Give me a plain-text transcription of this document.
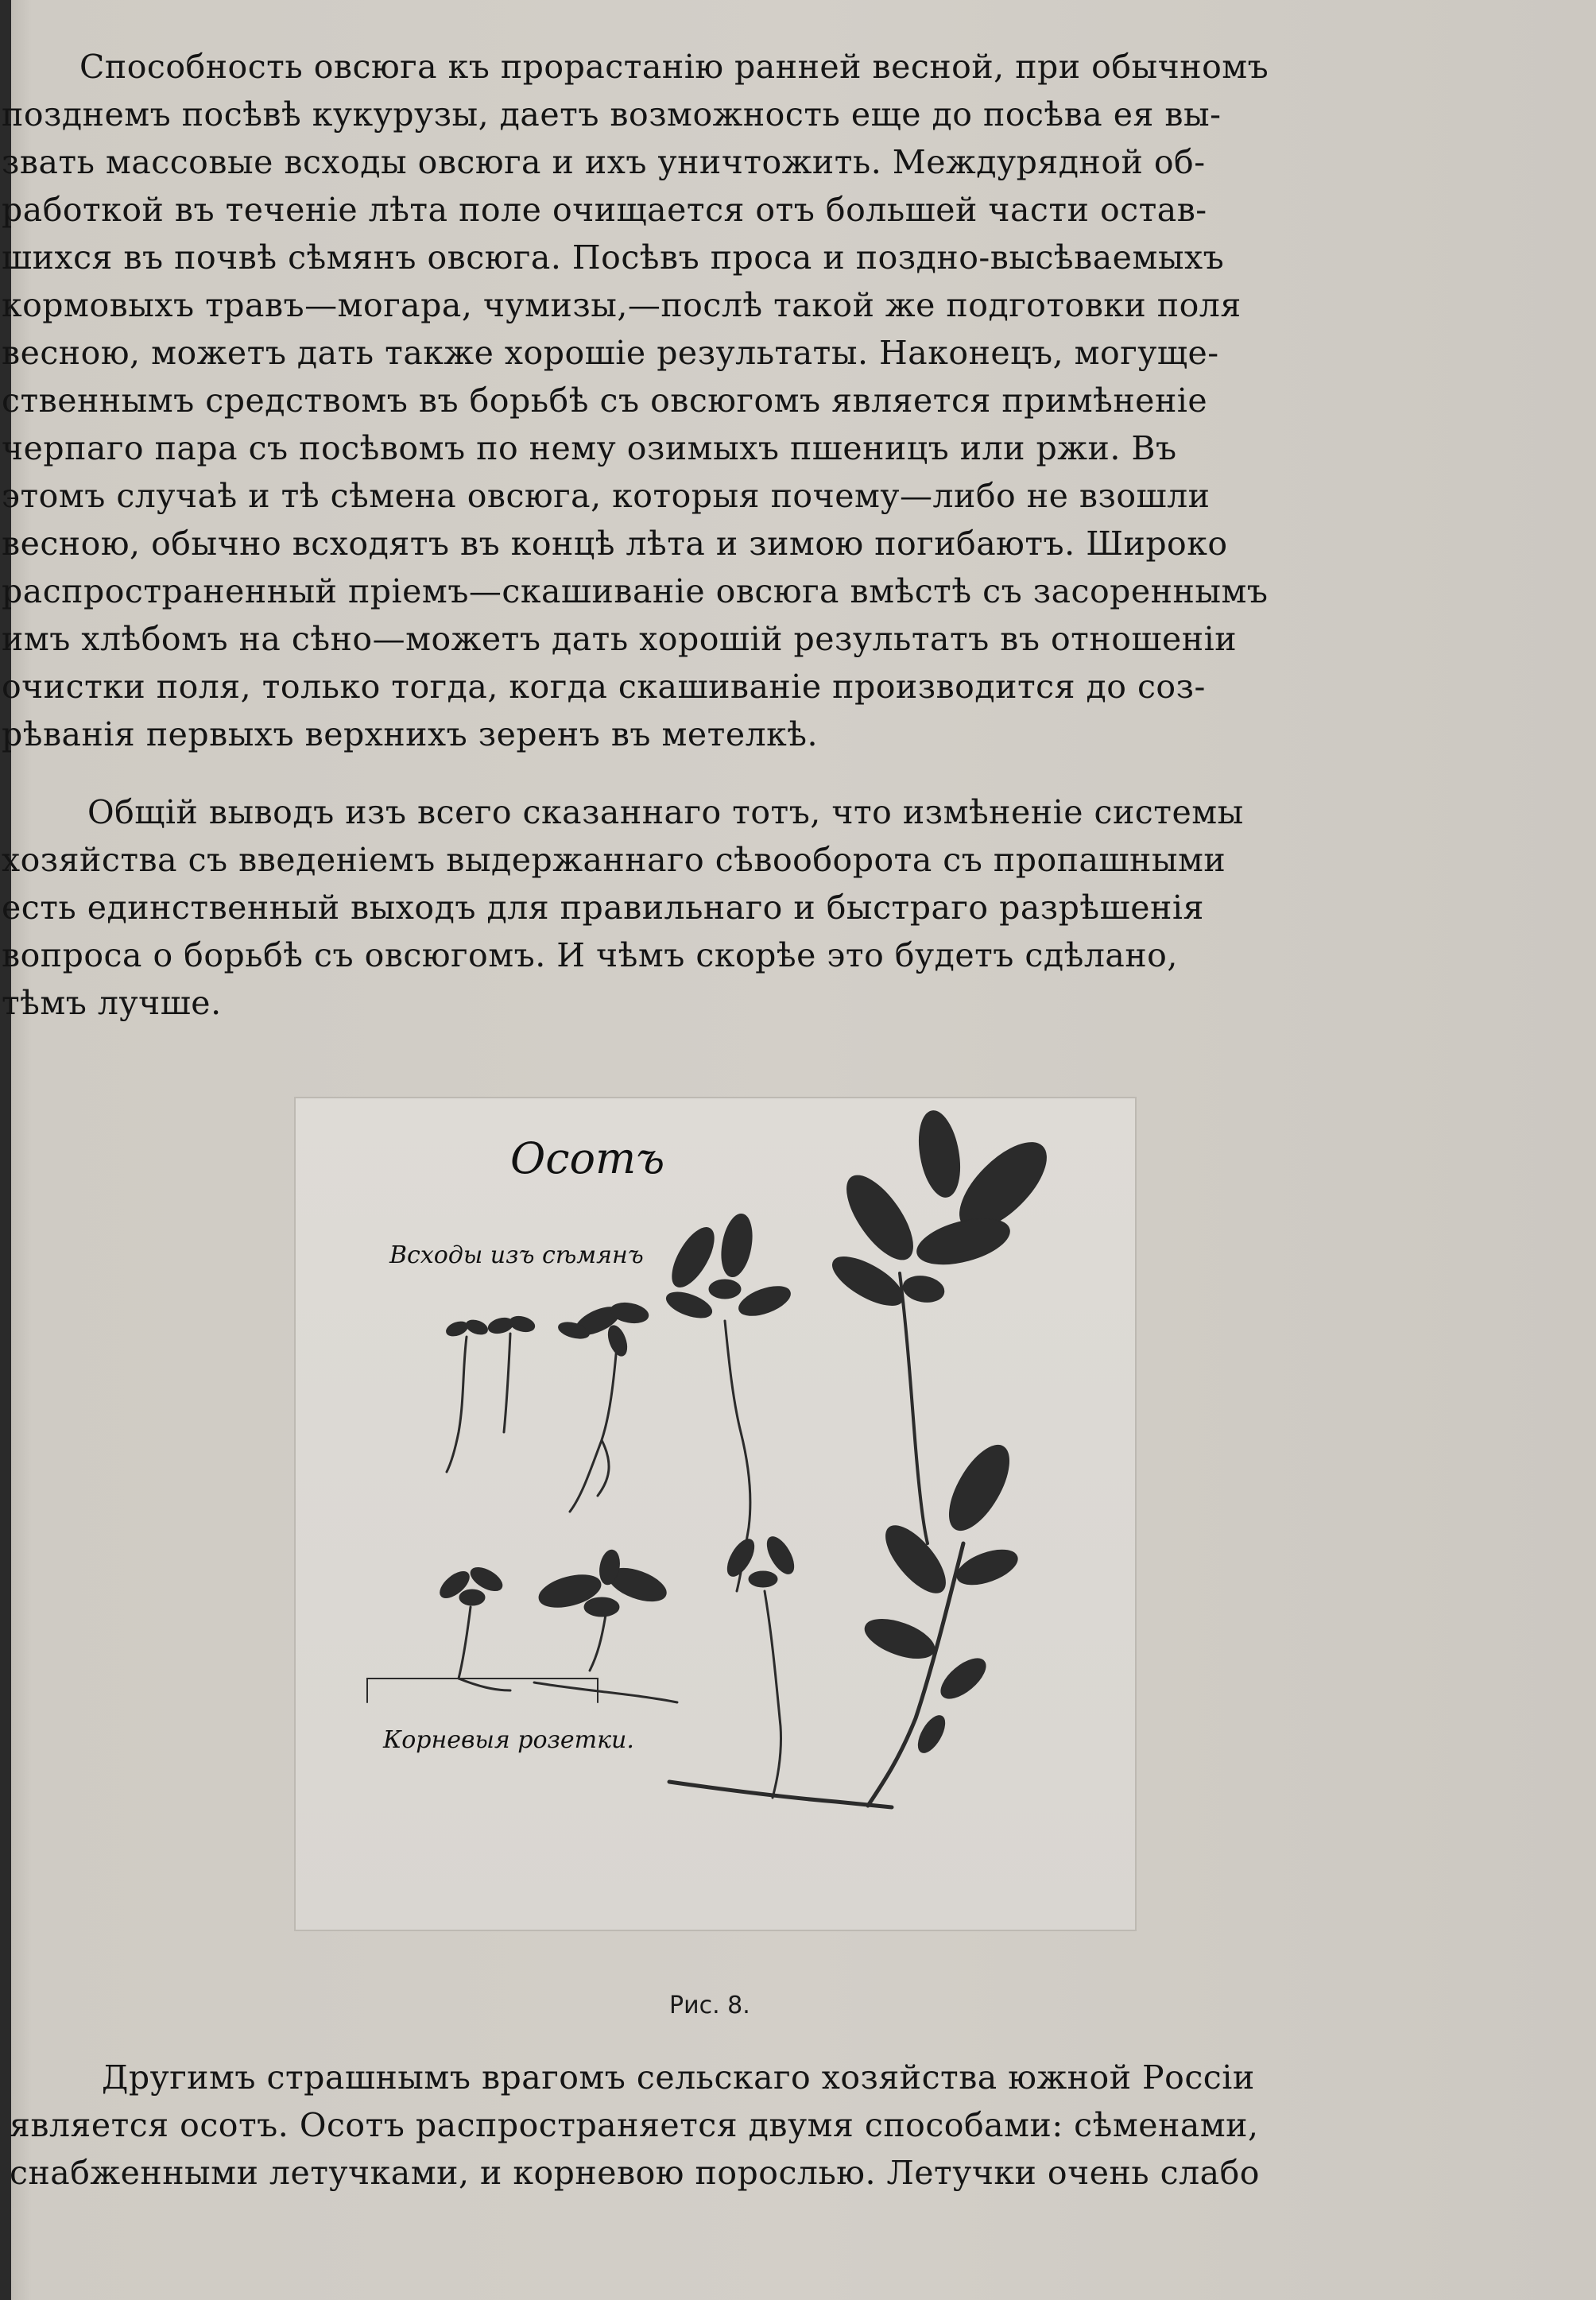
Способность овсюга къ прорастанію ранней весной, при обычномъ
позднемъ посѣвѣ кукурузы, даетъ возможность еще до посѣва ея вы-
звать массовые всходы овсюга и ихъ уничтожить. Междурядной об-
работкой въ теченіе лѣта поле очищается отъ большей части остав-
шихся въ почвѣ сѣмянъ овсюга. Посѣвъ проса и поздно-высѣваемыхъ
кормовыхъ травъ—могара, чумизы,—послѣ такой же подготовки поля
весною, можетъ дать также хорошіе результаты. Наконецъ, могуще-
ственнымъ средствомъ въ борьбѣ съ овсюгомъ является примѣненіе
черпаго пара съ посѣвомъ по нему озимыхъ пшеницъ или ржи. Въ
этомъ случаѣ и тѣ сѣмена овсюга, которыя почему—либо не взошли
весною, обычно всходятъ въ концѣ лѣта и зимою погибаютъ. Широко
распространенный пріемъ—скашиваніе овсюга вмѣстѣ съ засореннымъ
имъ хлѣбомъ на сѣно—можетъ дать хорошій результатъ въ отношеніи
очистки поля, только тогда, когда скашиваніе производится до соз-
рѣванія первыхъ верхнихъ зеренъ въ метелкѣ.
Общій выводъ изъ всего сказаннаго тотъ, что измѣненіе системы
хозяйства съ введеніемъ выдержаннаго сѣвооборота съ пропашными
есть единственный выходъ для правильнаго и быстраго разрѣшенія
вопроса о борьбѣ съ овсюгомъ. И чѣмъ скорѣе это будетъ сдѣлано,
тѣмъ лучше.
Осотъ
Всходы изъ сѣмянъ
Корневыя розетки.
Рис. 8.
Другимъ страшнымъ врагомъ сельскаго хозяйства южной Россіи
является осотъ. Осотъ распространяется двумя способами: сѣменами,
снабженными летучками, и корневою порослью. Летучки очень слабо
